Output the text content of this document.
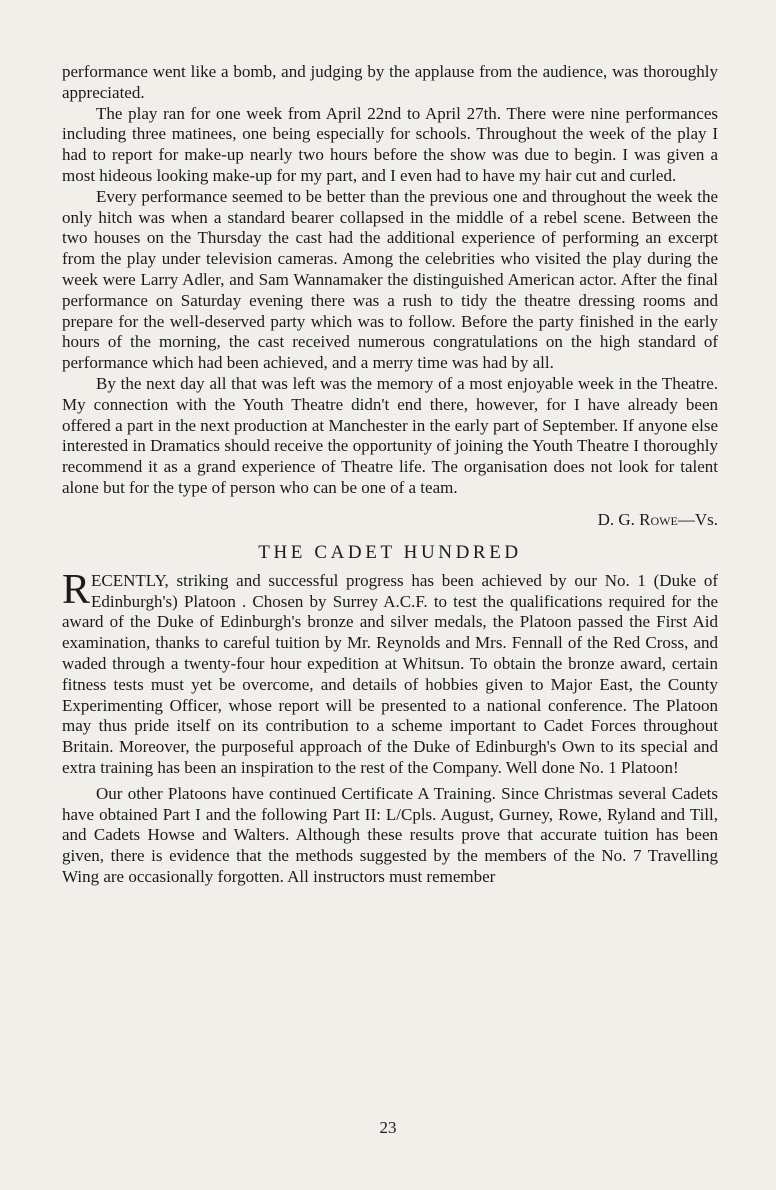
performance went like a bomb, and judging by the applause from the audience, was thoroughly appreciated.

The play ran for one week from April 22nd to April 27th. There were nine performances including three matinees, one being especially for schools. Throughout the week of the play I had to report for make-up nearly two hours before the show was due to begin. I was given a most hideous looking make-up for my part, and I even had to have my hair cut and curled.

Every performance seemed to be better than the previous one and throughout the week the only hitch was when a standard bearer collapsed in the middle of a rebel scene. Between the two houses on the Thursday the cast had the additional experience of performing an excerpt from the play under television cameras. Among the celebrities who visited the play during the week were Larry Adler, and Sam Wannamaker the distinguished American actor. After the final performance on Saturday evening there was a rush to tidy the theatre dressing rooms and prepare for the well-deserved party which was to follow. Before the party finished in the early hours of the morning, the cast received numerous congratulations on the high standard of performance which had been achieved, and a merry time was had by all.

By the next day all that was left was the memory of a most enjoyable week in the Theatre. My connection with the Youth Theatre didn't end there, however, for I have already been offered a part in the next production at Manchester in the early part of September. If anyone else interested in Dramatics should receive the opportunity of joining the Youth Theatre I thoroughly recommend it as a grand experience of Theatre life. The organisation does not look for talent alone but for the type of person who can be one of a team.

D. G. Rowe—Vs.
THE CADET HUNDRED

RECENTLY, striking and successful progress has been achieved by our No. 1 (Duke of Edinburgh's) Platoon . Chosen by Surrey A.C.F. to test the qualifications required for the award of the Duke of Edinburgh's bronze and silver medals, the Platoon passed the First Aid examination, thanks to careful tuition by Mr. Reynolds and Mrs. Fennall of the Red Cross, and waded through a twenty-four hour expedition at Whitsun. To obtain the bronze award, certain fitness tests must yet be overcome, and details of hobbies given to Major East, the County Experimenting Officer, whose report will be presented to a national conference. The Platoon may thus pride itself on its contribution to a scheme important to Cadet Forces throughout Britain. Moreover, the purposeful approach of the Duke of Edinburgh's Own to its special and extra training has been an inspiration to the rest of the Company. Well done No. 1 Platoon!

Our other Platoons have continued Certificate A Training. Since Christmas several Cadets have obtained Part I and the following Part II: L/Cpls. August, Gurney, Rowe, Ryland and Till, and Cadets Howse and Walters. Although these results prove that accurate tuition has been given, there is evidence that the methods suggested by the members of the No. 7 Travelling Wing are occasionally forgotten. All instructors must remember

23
